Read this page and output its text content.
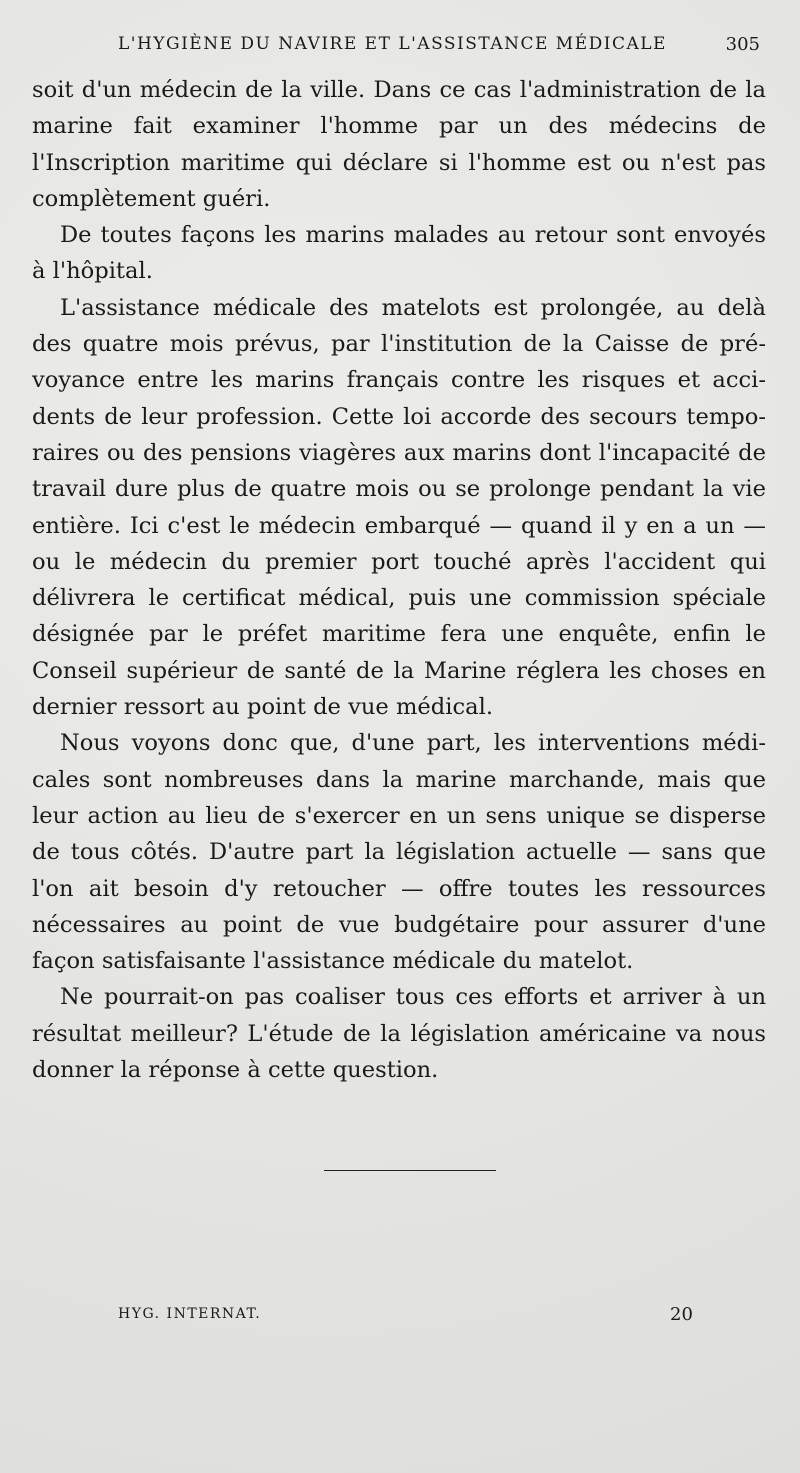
L'HYGIÈNE DU NAVIRE ET L'ASSISTANCE MÉDICALE	305

soit d'un médecin de la ville. Dans ce cas l'administration de la marine fait examiner l'homme par un des médecins de l'Inscription maritime qui déclare si l'homme est ou n'est pas complètement guéri.

De toutes façons les marins malades au retour sont envoyés à l'hôpital.

L'assistance médicale des matelots est prolongée, au delà des quatre mois prévus, par l'institution de la Caisse de prévoyance entre les marins français contre les risques et accidents de leur profession. Cette loi accorde des secours temporaires ou des pensions viagères aux marins dont l'incapacité de travail dure plus de quatre mois ou se prolonge pendant la vie entière. Ici c'est le médecin embarqué — quand il y en a un — ou le médecin du premier port touché après l'accident qui délivrera le certificat médical, puis une commission spéciale désignée par le préfet maritime fera une enquête, enfin le Conseil supérieur de santé de la Marine réglera les choses en dernier ressort au point de vue médical.

Nous voyons donc que, d'une part, les interventions médicales sont nombreuses dans la marine marchande, mais que leur action au lieu de s'exercer en un sens unique se disperse de tous côtés. D'autre part la législation actuelle — sans que l'on ait besoin d'y retoucher — offre toutes les ressources nécessaires au point de vue budgétaire pour assurer d'une façon satisfaisante l'assistance médicale du matelot.

Ne pourrait-on pas coaliser tous ces efforts et arriver à un résultat meilleur? L'étude de la législation américaine va nous donner la réponse à cette question.

HYG. INTERNAT.	20
